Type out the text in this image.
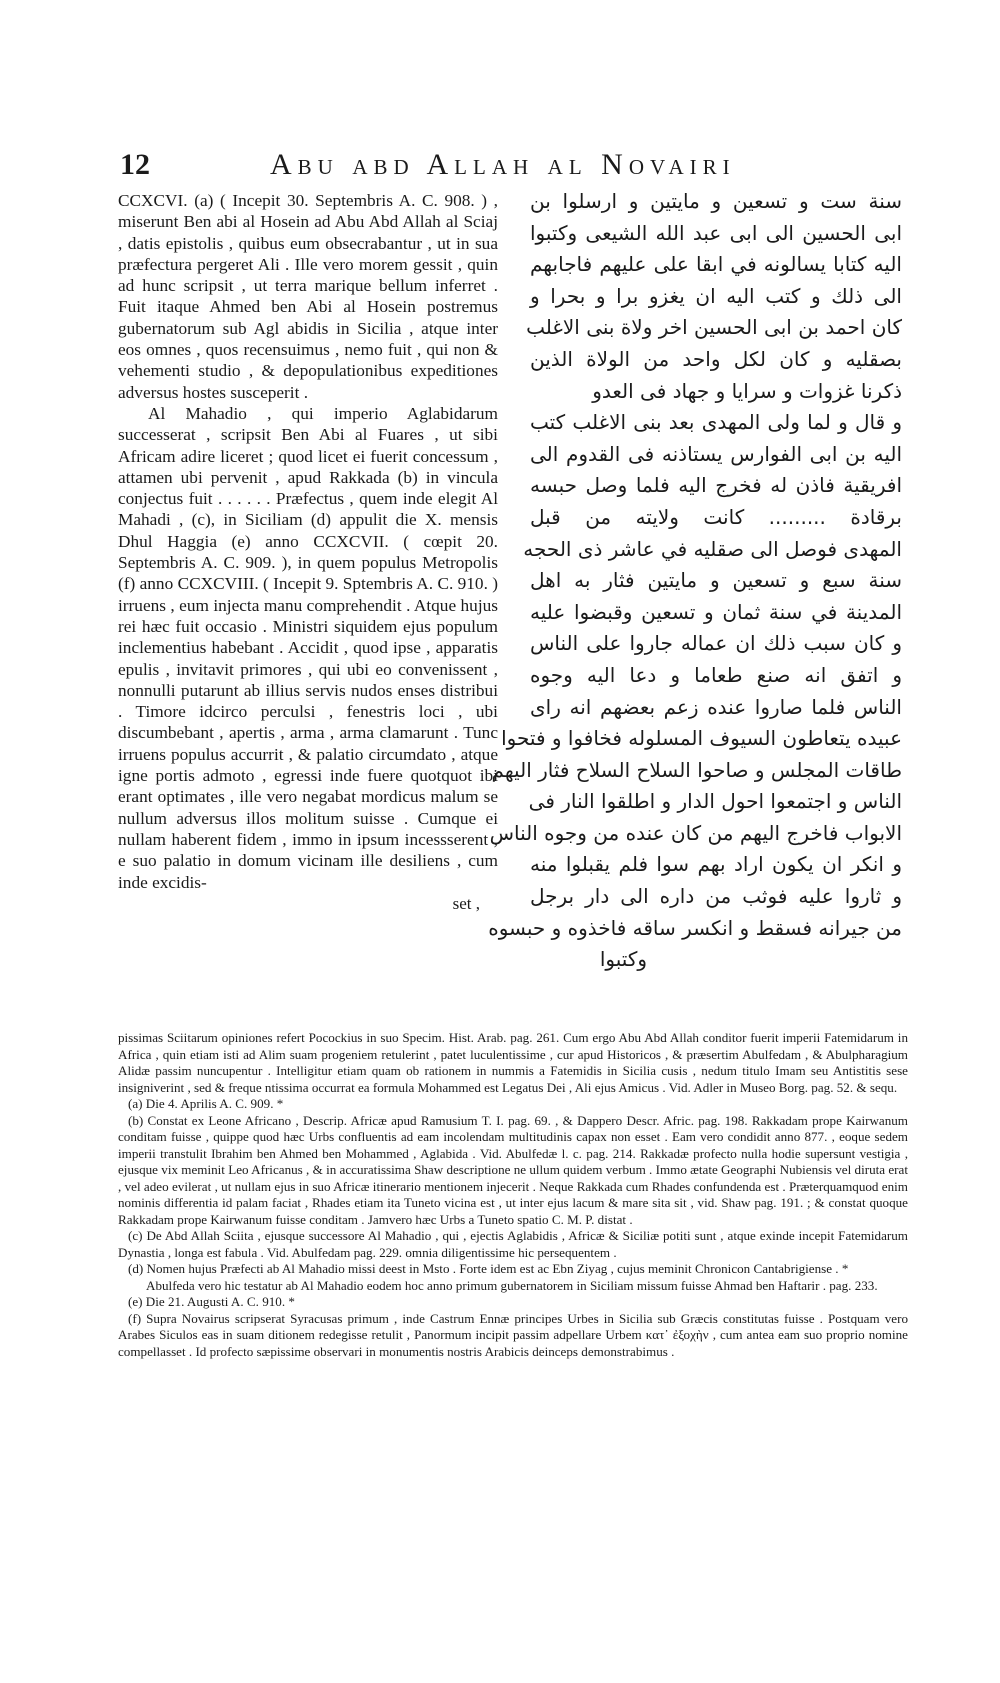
12	Abu abd Allah al Novairi

CCXCVI. (a) ( Incepit 30. Septembris A. C. 908. ) , miserunt Ben abi al Hosein ad Abu Abd Allah al Sciaj , datis epistolis , quibus eum obsecrabantur , ut in sua præfectura pergeret Ali . Ille vero morem gessit , quin ad hunc scripsit , ut terra marique bellum inferret . Fuit itaque Ahmed ben Abi al Hosein postremus gubernatorum sub Agl abidis in Sicilia , atque inter eos omnes , quos recensuimus , nemo fuit , qui non & vehementi studio , & depopulationibus expeditiones adversus hostes susceperit .

Al Mahadio , qui imperio Aglabidarum successerat , scripsit Ben Abi al Fuares , ut sibi Africam adire liceret ; quod licet ei fuerit concessum , attamen ubi pervenit , apud Rakkada (b) in vincula conjectus fuit . . . . . . Præfectus , quem inde elegit Al Mahadi , (c), in Siciliam (d) appulit die X. mensis Dhul Haggia (e) anno CCXCVII. ( cœpit 20. Septembris A. C. 909. ), in quem populus Metropolis (f) anno CCXCVIII. ( Incepit 9. Sptembris A. C. 910. ) irruens , eum injecta manu comprehendit . Atque hujus rei hæc fuit occasio . Ministri siquidem ejus populum inclementius habebant . Accidit , quod ipse , apparatis epulis , invitavit primores , qui ubi eo convenissent , nonnulli putarunt ab illius servis nudos enses distribui . Timore idcirco perculsi , fenestris loci , ubi discumbebant , apertis , arma , arma clamarunt . Tunc irruens populus accurrit , & palatio circumdato , atque igne portis admoto , egressi inde fuere quotquot ibi erant optimates , ille vero negabat mordicus malum se nullum adversus illos molitum suisse . Cumque ei nullam haberent fidem , immo in ipsum incessserent , e suo palatio in domum vicinam ille desiliens , cum inde excidis-

set ,

سنة ست و تسعين و مايتين و ارسلوا بن
ابى الحسين الى ابى عبد الله الشيعى وكتبوا
اليه كتابا يسالونه في ابقا على عليهم فاجابهم
الى ذلك و كتب اليه ان يغزو برا و بحرا و
كان احمد بن ابى الحسين اخر ولاة بنى الاغلب
بصقليه و كان لكل واحد من الولاة الذين
ذكرنا غزوات و سرايا و جهاد فى العدو
و قال و لما ولى المهدى بعد بنى الاغلب كتب
اليه بن ابى الفوارس يستاذنه فى القدوم الى
افريقية فاذن له فخرج اليه فلما وصل حبسه
برقادة ......... كانت ولايته من قبل
المهدى فوصل الى صقليه في عاشر ذى الحجه
سنة سبع و تسعين و مايتين فثار به اهل
المدينة في سنة ثمان و تسعين وقبضوا عليه
و كان سبب ذلك ان عماله جاروا على الناس
و اتفق انه صنع طعاما و دعا اليه وجوه
الناس فلما صاروا عنده زعم بعضهم انه راى
عبيده يتعاطون السيوف المسلوله فخافوا و فتحوا
طاقات المجلس و صاحوا السلاح السلاح فثار اليهم
الناس و اجتمعوا احول الدار و اطلقوا النار فى
الابواب فاخرج اليهم من كان عنده من وجوه الناس
و انكر ان يكون اراد بهم سوا فلم يقبلوا منه
و ثاروا عليه فوثب من داره الى دار برجل
من جيرانه فسقط و انكسر ساقه فاخذوه و حبسوه
وكتبوا

pissimas Sciitarum opiniones refert Pocockius in suo Specim. Hist. Arab. pag. 261. Cum ergo Abu Abd Allah conditor fuerit imperii Fatemidarum in Africa , quin etiam isti ad Alim suam progeniem retulerint , patet luculentissime , cur apud Historicos , & præsertim Abulfedam , & Abulpharagium Alidæ passim nuncupentur . Intelligitur etiam quam ob rationem in nummis a Fatemidis in Sicilia cusis , nedum titulo Imam seu Antistitis sese insigniverint , sed & freque ntissima occurrat ea formula Mohammed est Legatus Dei , Ali ejus Amicus . Vid. Adler in Museo Borg. pag. 52. & sequ.

(a) Die 4. Aprilis A. C. 909. *

(b) Constat ex Leone Africano , Descrip. Africæ apud Ramusium T. I. pag. 69. , & Dappero Descr. Afric. pag. 198. Rakkadam prope Kairwanum conditam fuisse , quippe quod hæc Urbs confluentis ad eam incolendam multitudinis capax non esset . Eam vero condidit anno 877. , eoque sedem imperii transtulit Ibrahim ben Ahmed ben Mohammed , Aglabida . Vid. Abulfedæ l. c. pag. 214. Rakkadæ profecto nulla hodie supersunt vestigia , ejusque vix meminit Leo Africanus , & in accuratissima Shaw descriptione ne ullum quidem verbum . Immo ætate Geographi Nubiensis vel diruta erat , vel adeo evilerat , ut nullam ejus in suo Africæ itinerario mentionem injecerit . Neque Rakkada cum Rhades confundenda est . Præterquamquod enim nominis differentia id palam faciat , Rhades etiam ita Tuneto vicina est , ut inter ejus lacum & mare sita sit , vid. Shaw pag. 191. ; & constat quoque Rakkadam prope Kairwanum fuisse conditam . Jamvero hæc Urbs a Tuneto spatio C. M. P. distat .

(c) De Abd Allah Sciita , ejusque successore Al Mahadio , qui , ejectis Aglabidis , Africæ & Siciliæ potiti sunt , atque exinde incepit Fatemidarum Dynastia , longa est fabula . Vid. Abulfedam pag. 229. omnia diligentissime hic persequentem .

(d) Nomen hujus Præfecti ab Al Mahadio missi deest in Msto . Forte idem est ac Ebn Ziyag , cujus meminit Chronicon Cantabrigiense . *

Abulfeda vero hic testatur ab Al Mahadio eodem hoc anno primum gubernatorem in Siciliam missum fuisse Ahmad ben Haftarir . pag. 233.

(e) Die 21. Augusti A. C. 910. *

(f) Supra Novairus scripserat Syracusas primum , inde Castrum Ennæ principes Urbes in Sicilia sub Græcis constitutas fuisse . Postquam vero Arabes Siculos eas in suam ditionem redegisse retulit , Panormum incipit passim adpellare Urbem κατ᾽ ἐξοχὴν , cum antea eam suo proprio nomine compellasset . Id profecto sæpissime observari in monumentis nostris Arabicis deinceps demonstrabimus .
